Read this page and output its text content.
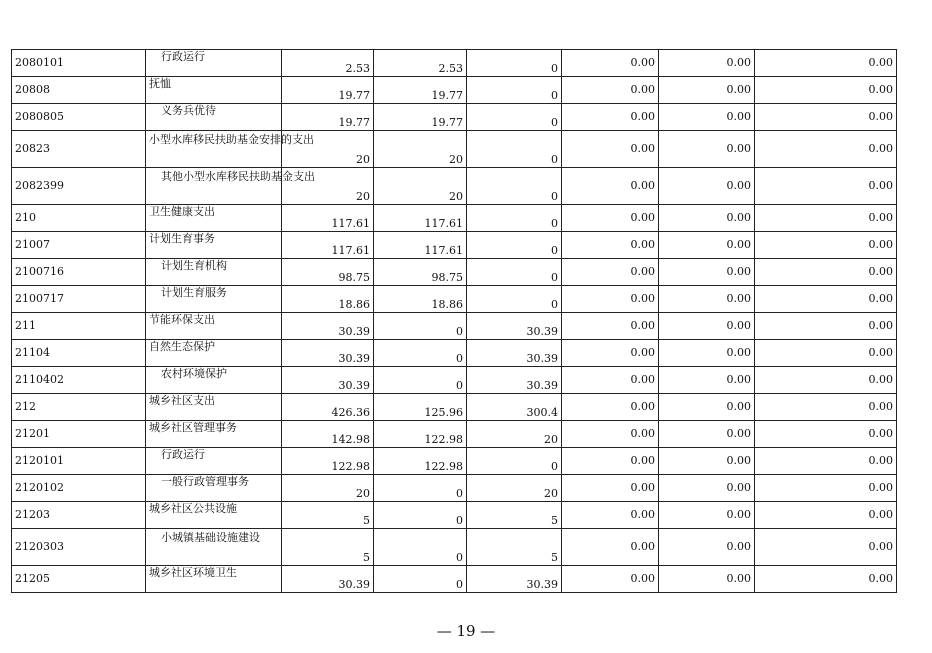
2080101	行政运行	2.53	2.53	0	0.00	0.00	0.00
20808	抚恤	19.77	19.77	0	0.00	0.00	0.00
2080805	义务兵优待	19.77	19.77	0	0.00	0.00	0.00
20823	小型水库移民扶助基金安排的支出	20	20	0	0.00	0.00	0.00
2082399	其他小型水库移民扶助基金支出	20	20	0	0.00	0.00	0.00
210	卫生健康支出	117.61	117.61	0	0.00	0.00	0.00
21007	计划生育事务	117.61	117.61	0	0.00	0.00	0.00
2100716	计划生育机构	98.75	98.75	0	0.00	0.00	0.00
2100717	计划生育服务	18.86	18.86	0	0.00	0.00	0.00
211	节能环保支出	30.39	0	30.39	0.00	0.00	0.00
21104	自然生态保护	30.39	0	30.39	0.00	0.00	0.00
2110402	农村环境保护	30.39	0	30.39	0.00	0.00	0.00
212	城乡社区支出	426.36	125.96	300.4	0.00	0.00	0.00
21201	城乡社区管理事务	142.98	122.98	20	0.00	0.00	0.00
2120101	行政运行	122.98	122.98	0	0.00	0.00	0.00
2120102	一般行政管理事务	20	0	20	0.00	0.00	0.00
21203	城乡社区公共设施	5	0	5	0.00	0.00	0.00
2120303	小城镇基础设施建设	5	0	5	0.00	0.00	0.00
21205	城乡社区环境卫生	30.39	0	30.39	0.00	0.00	0.00
— 19 —
